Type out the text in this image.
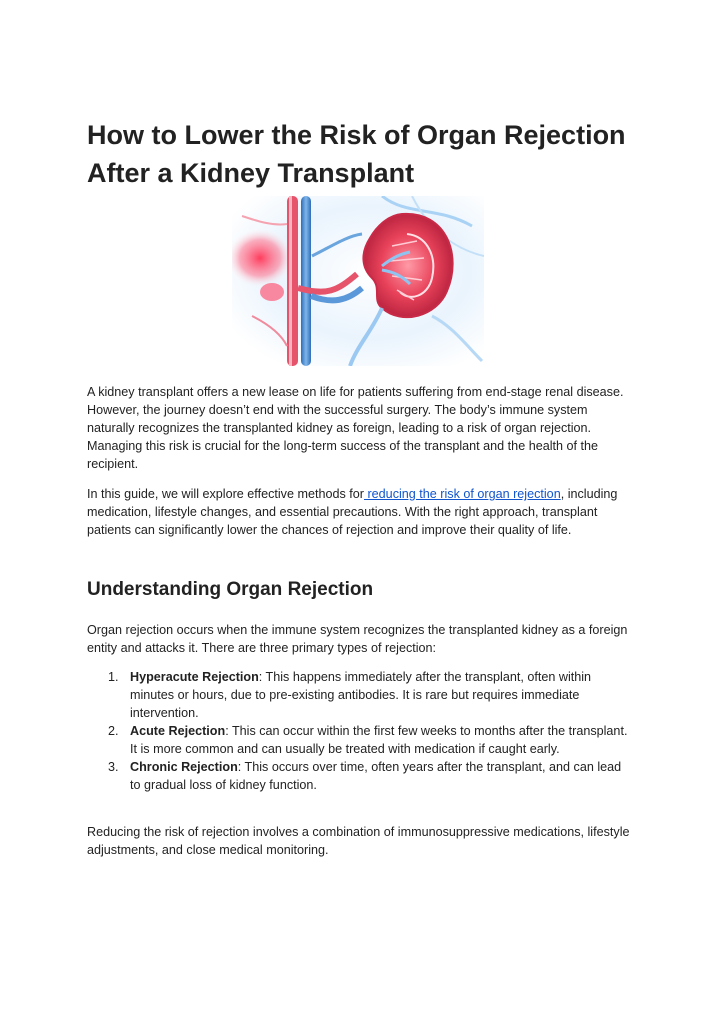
How to Lower the Risk of Organ Rejection After a Kidney Transplant

A kidney transplant offers a new lease on life for patients suffering from end-stage renal disease. However, the journey doesn’t end with the successful surgery. The body’s immune system naturally recognizes the transplanted kidney as foreign, leading to a risk of organ rejection. Managing this risk is crucial for the long-term success of the transplant and the health of the recipient.

In this guide, we will explore effective methods for reducing the risk of organ rejection, including medication, lifestyle changes, and essential precautions. With the right approach, transplant patients can significantly lower the chances of rejection and improve their quality of life.

Understanding Organ Rejection

Organ rejection occurs when the immune system recognizes the transplanted kidney as a foreign entity and attacks it. There are three primary types of rejection:

1. Hyperacute Rejection: This happens immediately after the transplant, often within minutes or hours, due to pre-existing antibodies. It is rare but requires immediate intervention.
2. Acute Rejection: This can occur within the first few weeks to months after the transplant. It is more common and can usually be treated with medication if caught early.
3. Chronic Rejection: This occurs over time, often years after the transplant, and can lead to gradual loss of kidney function.

Reducing the risk of rejection involves a combination of immunosuppressive medications, lifestyle adjustments, and close medical monitoring.
